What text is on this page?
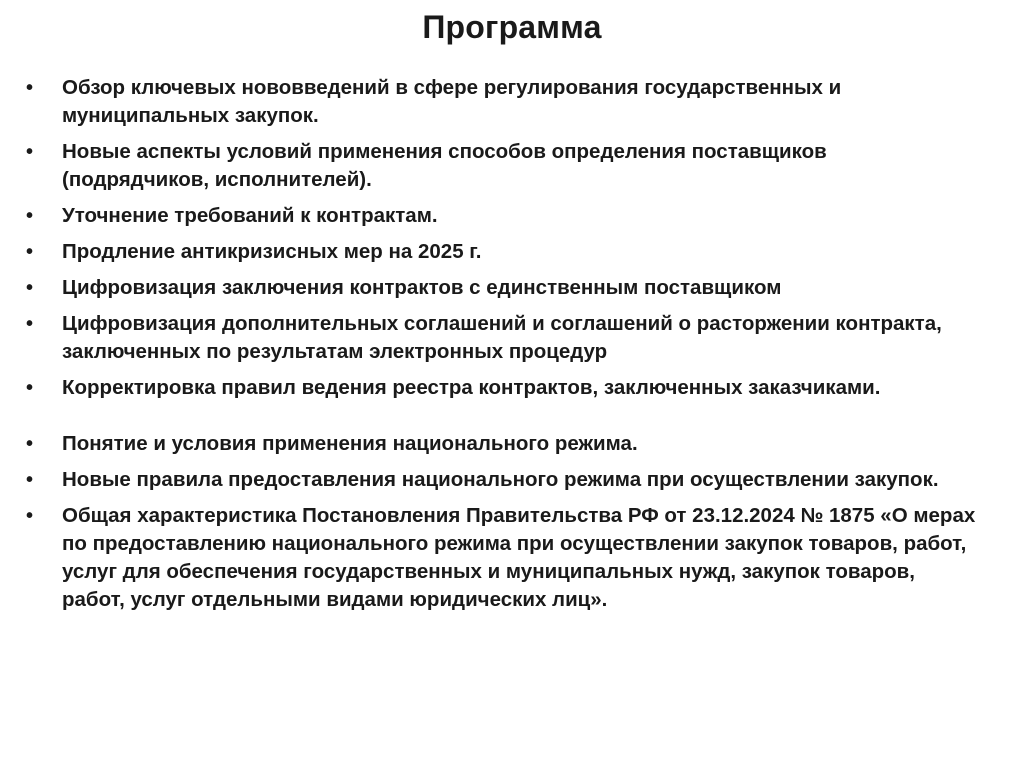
Программа
•	Обзор ключевых нововведений в сфере регулирования государственных и муниципальных закупок.
•	Новые аспекты условий применения способов определения поставщиков (подрядчиков, исполнителей).
•	Уточнение требований к контрактам.
•	Продление антикризисных мер на 2025 г.
•	Цифровизация заключения контрактов с единственным поставщиком
•	Цифровизация дополнительных соглашений и соглашений о расторжении контракта, заключенных по результатам электронных процедур
•	Корректировка правил ведения реестра контрактов, заключенных заказчиками.
•	Понятие и условия применения национального режима.
•	Новые правила предоставления национального режима при осуществлении закупок.
•	Общая характеристика Постановления Правительства РФ от 23.12.2024 № 1875 «О мерах по предоставлению национального режима при осуществлении закупок товаров, работ, услуг для обеспечения государственных и муниципальных нужд, закупок товаров, работ, услуг отдельными видами юридических лиц».
